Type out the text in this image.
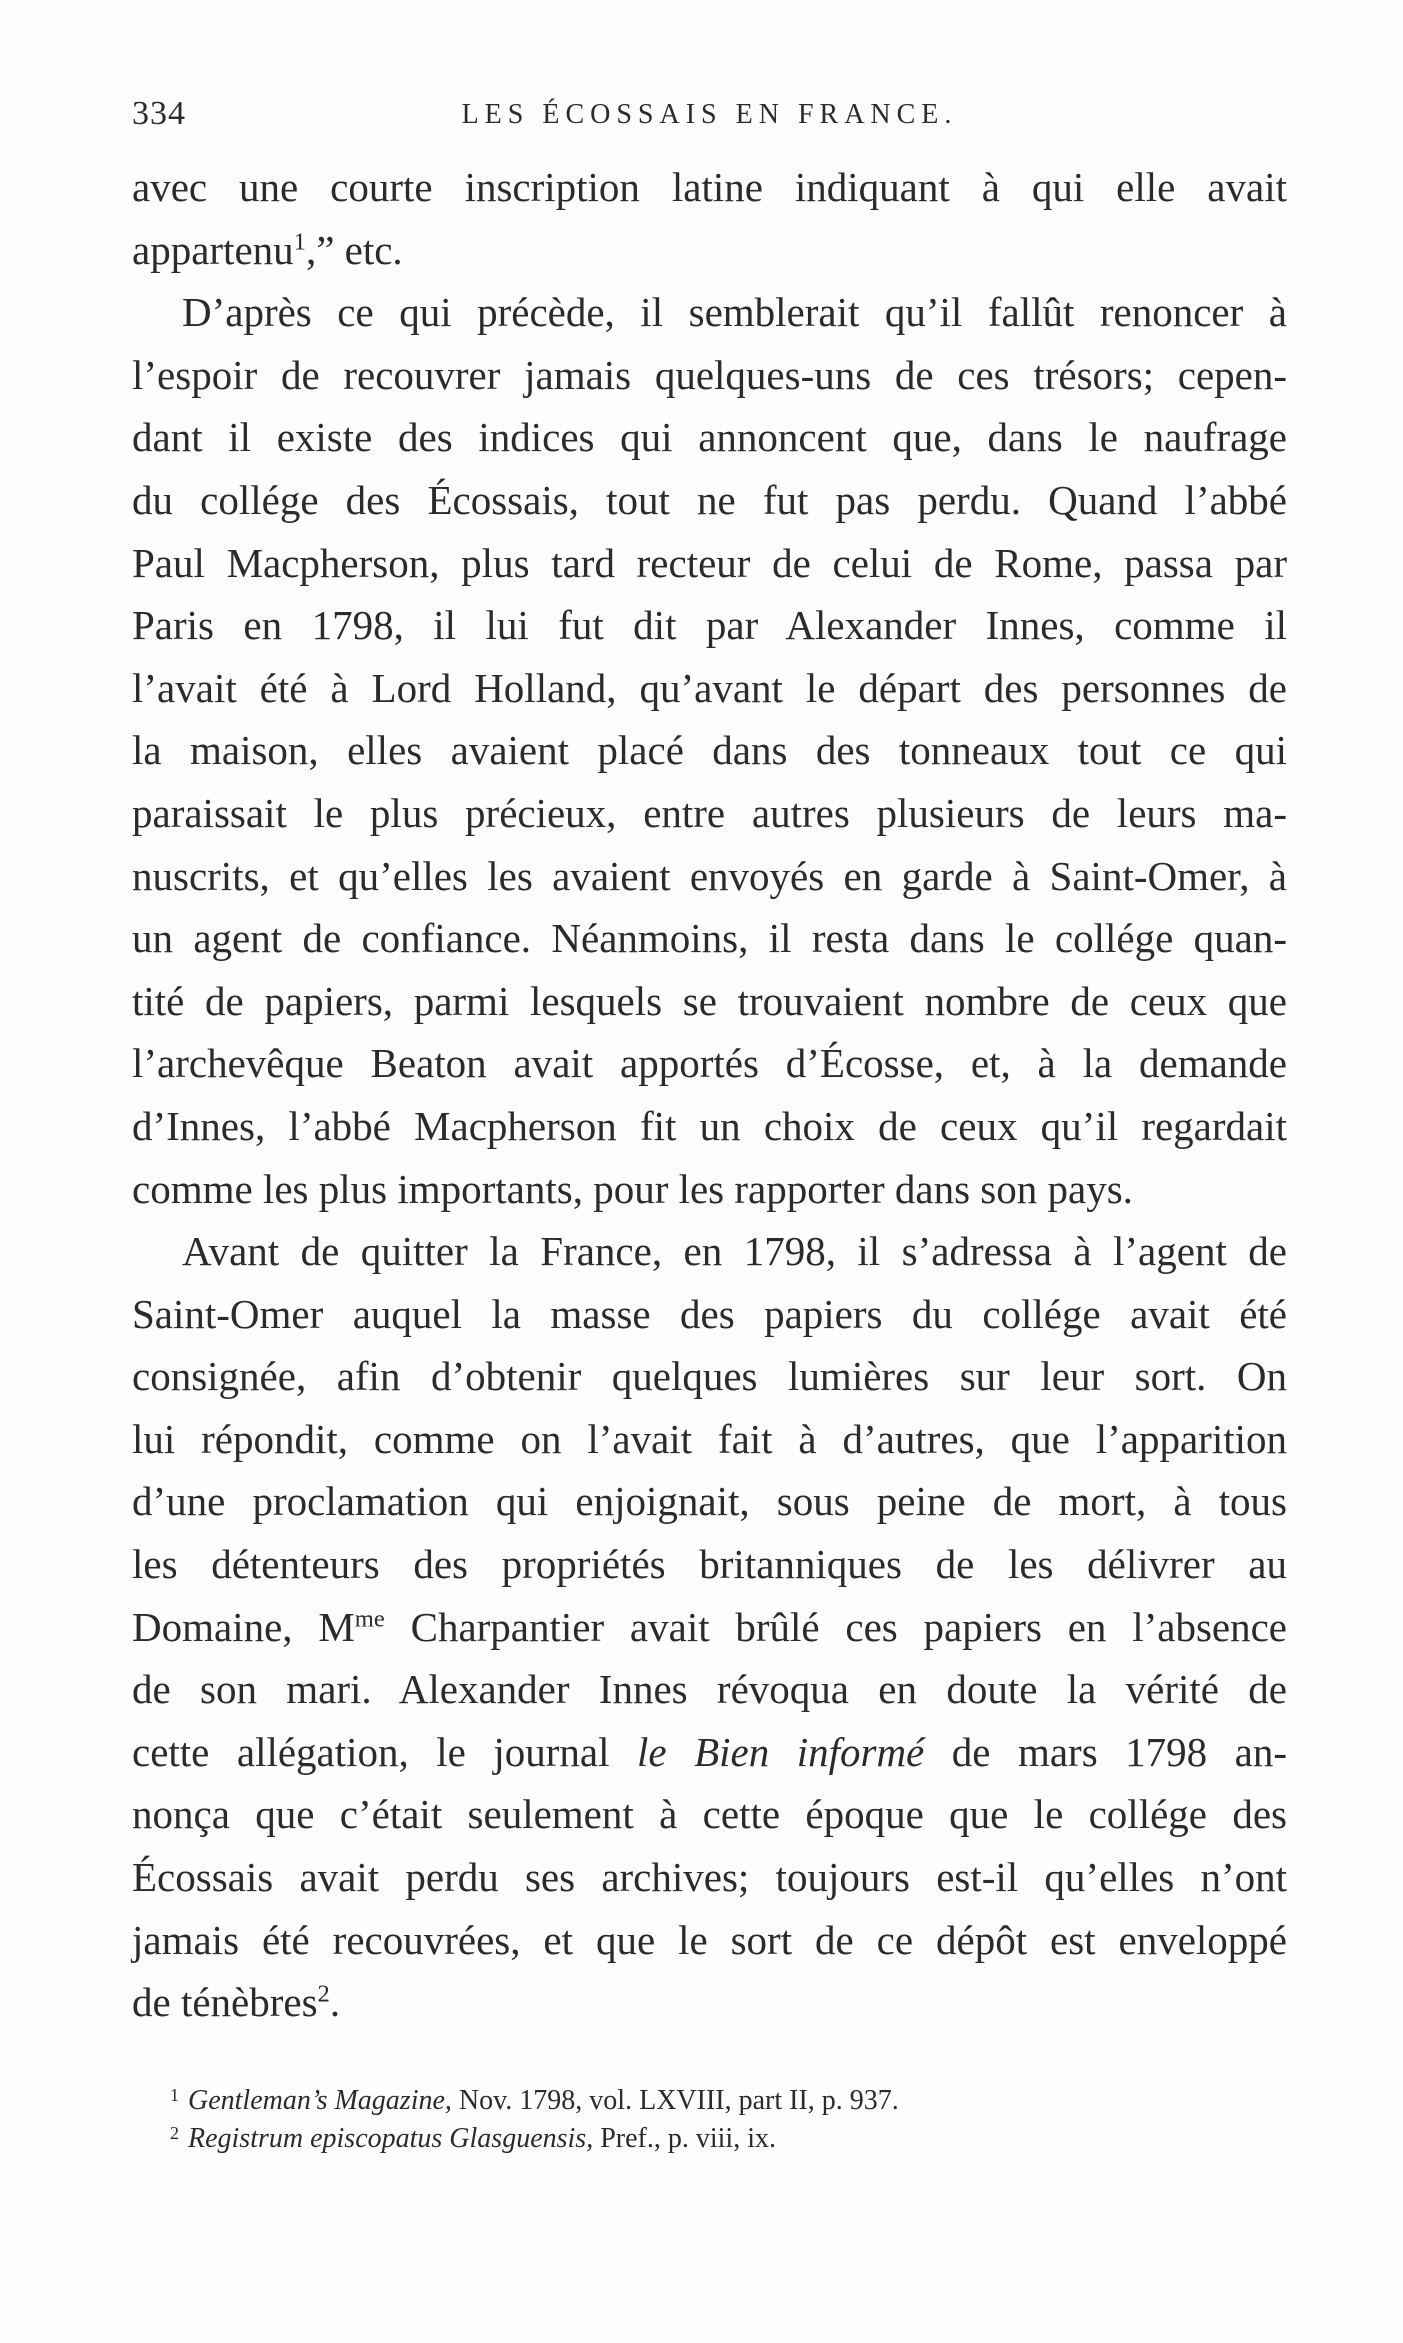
334	LES ÉCOSSAIS EN FRANCE.
avec une courte inscription latine indiquant à qui elle avait
appartenu$^1$,” etc.
D’après ce qui précède, il semblerait qu’il fallût renoncer à
l’espoir de recouvrer jamais quelques-uns de ces trésors; cepen-
dant il existe des indices qui annoncent que, dans le naufrage
du collége des Écossais, tout ne fut pas perdu. Quand l’abbé
Paul Macpherson, plus tard recteur de celui de Rome, passa par
Paris en 1798, il lui fut dit par Alexander Innes, comme il
l’avait été à Lord Holland, qu’avant le départ des personnes de
la maison, elles avaient placé dans des tonneaux tout ce qui
paraissait le plus précieux, entre autres plusieurs de leurs ma-
nuscrits, et qu’elles les avaient envoyés en garde à Saint-Omer, à
un agent de confiance. Néanmoins, il resta dans le collége quan-
tité de papiers, parmi lesquels se trouvaient nombre de ceux que
l’archevêque Beaton avait apportés d’Écosse, et, à la demande
d’Innes, l’abbé Macpherson fit un choix de ceux qu’il regardait
comme les plus importants, pour les rapporter dans son pays.
Avant de quitter la France, en 1798, il s’adressa à l’agent de
Saint-Omer auquel la masse des papiers du collége avait été
consignée, afin d’obtenir quelques lumières sur leur sort. On
lui répondit, comme on l’avait fait à d’autres, que l’apparition
d’une proclamation qui enjoignait, sous peine de mort, à tous
les détenteurs des propriétés britanniques de les délivrer au
Domaine, $M^{me}$ Charpantier avait brûlé ces papiers en l’absence
de son mari. Alexander Innes révoqua en doute la vérité de
cette allégation, le journal le Bien informé de mars 1798 an-
nonça que c’était seulement à cette époque que le collége des
Écossais avait perdu ses archives; toujours est-il qu’elles n’ont
jamais été recouvrées, et que le sort de ce dépôt est enveloppé
de ténèbres$^2$.
1 Gentleman’s Magazine, Nov. 1798, vol. LXVIII, part II, p. 937.
2 Registrum episcopatus Glasguensis, Pref., p. viii, ix.
